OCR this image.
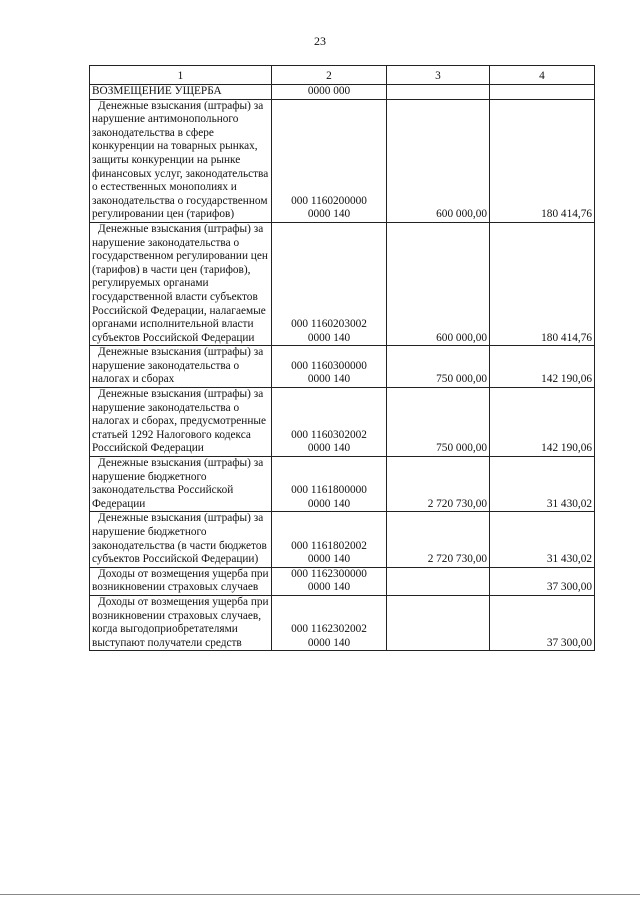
23
1	2	3	4
ВОЗМЕЩЕНИЕ УЩЕРБА	0000 000		

Денежные взыскания (штрафы) за нарушение антимонопольного законодательства в сфере конкуренции на товарных рынках, защиты конкуренции на рынке финансовых услуг, законодательства о естественных монополиях и законодательства о государственном регулировании цен (тарифов)	000 1160200000
0000 140	600 000,00	180 414,76

Денежные взыскания (штрафы) за нарушение законодательства о государственном регулировании цен (тарифов) в части цен (тарифов), регулируемых органами государственной власти субъектов Российской Федерации, налагаемые органами исполнительной власти субъектов Российской Федерации	000 1160203002
0000 140	600 000,00	180 414,76

Денежные взыскания (штрафы) за нарушение законодательства о налогах и сборах	000 1160300000
0000 140	750 000,00	142 190,06

Денежные взыскания (штрафы) за нарушение законодательства о налогах и сборах, предусмотренные статьей 1292 Налогового кодекса Российской Федерации	000 1160302002
0000 140	750 000,00	142 190,06

Денежные взыскания (штрафы) за нарушение бюджетного законодательства Российской Федерации	000 1161800000
0000 140	2 720 730,00	31 430,02

Денежные взыскания (штрафы) за нарушение бюджетного законодательства (в части бюджетов субъектов Российской Федерации)	000 1161802002
0000 140	2 720 730,00	31 430,02

Доходы от возмещения ущерба при возникновении страховых случаев	000 1162300000
0000 140		37 300,00

Доходы от возмещения ущерба при возникновении страховых случаев, когда выгодоприобретателями выступают получатели средств	000 1162302002
0000 140		37 300,00
